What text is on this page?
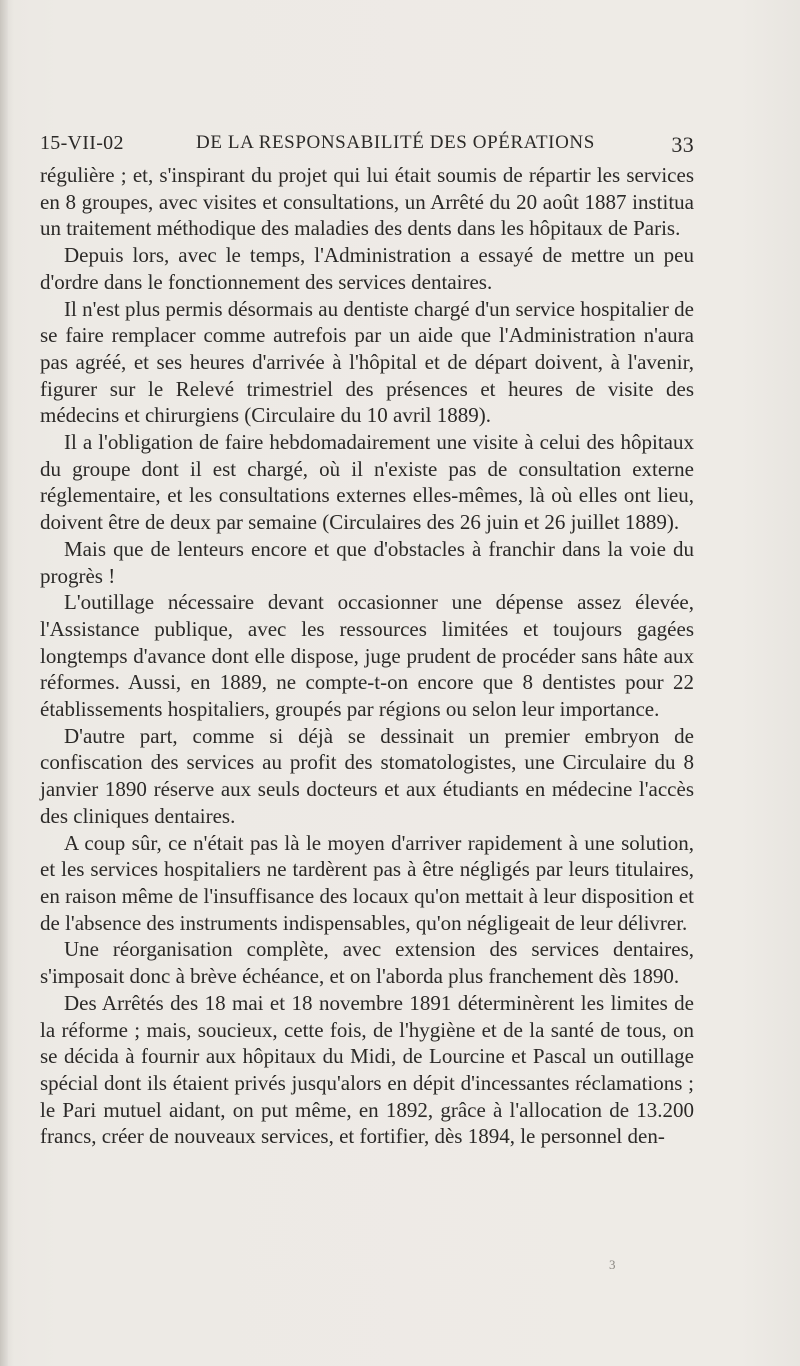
15-VII-02	DE LA RESPONSABILITÉ DES OPÉRATIONS	33

régulière ; et, s'inspirant du projet qui lui était soumis de répartir les services en 8 groupes, avec visites et consultations, un Arrêté du 20 août 1887 institua un traitement méthodique des maladies des dents dans les hôpitaux de Paris.

Depuis lors, avec le temps, l'Administration a essayé de mettre un peu d'ordre dans le fonctionnement des services dentaires.

Il n'est plus permis désormais au dentiste chargé d'un service hospitalier de se faire remplacer comme autrefois par un aide que l'Administration n'aura pas agréé, et ses heures d'arrivée à l'hôpital et de départ doivent, à l'avenir, figurer sur le Relevé trimestriel des présences et heures de visite des médecins et chirurgiens (Circulaire du 10 avril 1889).

Il a l'obligation de faire hebdomadairement une visite à celui des hôpitaux du groupe dont il est chargé, où il n'existe pas de consultation externe réglementaire, et les consultations externes elles-mêmes, là où elles ont lieu, doivent être de deux par semaine (Circulaires des 26 juin et 26 juillet 1889).

Mais que de lenteurs encore et que d'obstacles à franchir dans la voie du progrès !

L'outillage nécessaire devant occasionner une dépense assez élevée, l'Assistance publique, avec les ressources limitées et toujours gagées longtemps d'avance dont elle dispose, juge prudent de procéder sans hâte aux réformes. Aussi, en 1889, ne compte-t-on encore que 8 dentistes pour 22 établissements hospitaliers, groupés par régions ou selon leur importance.

D'autre part, comme si déjà se dessinait un premier embryon de confiscation des services au profit des stomatologistes, une Circulaire du 8 janvier 1890 réserve aux seuls docteurs et aux étudiants en médecine l'accès des cliniques dentaires.

A coup sûr, ce n'était pas là le moyen d'arriver rapidement à une solution, et les services hospitaliers ne tardèrent pas à être négligés par leurs titulaires, en raison même de l'insuffisance des locaux qu'on mettait à leur disposition et de l'absence des instruments indispensables, qu'on négligeait de leur délivrer.

Une réorganisation complète, avec extension des services dentaires, s'imposait donc à brève échéance, et on l'aborda plus franchement dès 1890.

Des Arrêtés des 18 mai et 18 novembre 1891 déterminèrent les limites de la réforme ; mais, soucieux, cette fois, de l'hygiène et de la santé de tous, on se décida à fournir aux hôpitaux du Midi, de Lourcine et Pascal un outillage spécial dont ils étaient privés jusqu'alors en dépit d'incessantes réclamations ; le Pari mutuel aidant, on put même, en 1892, grâce à l'allocation de 13.200 francs, créer de nouveaux services, et fortifier, dès 1894, le personnel den-

3
